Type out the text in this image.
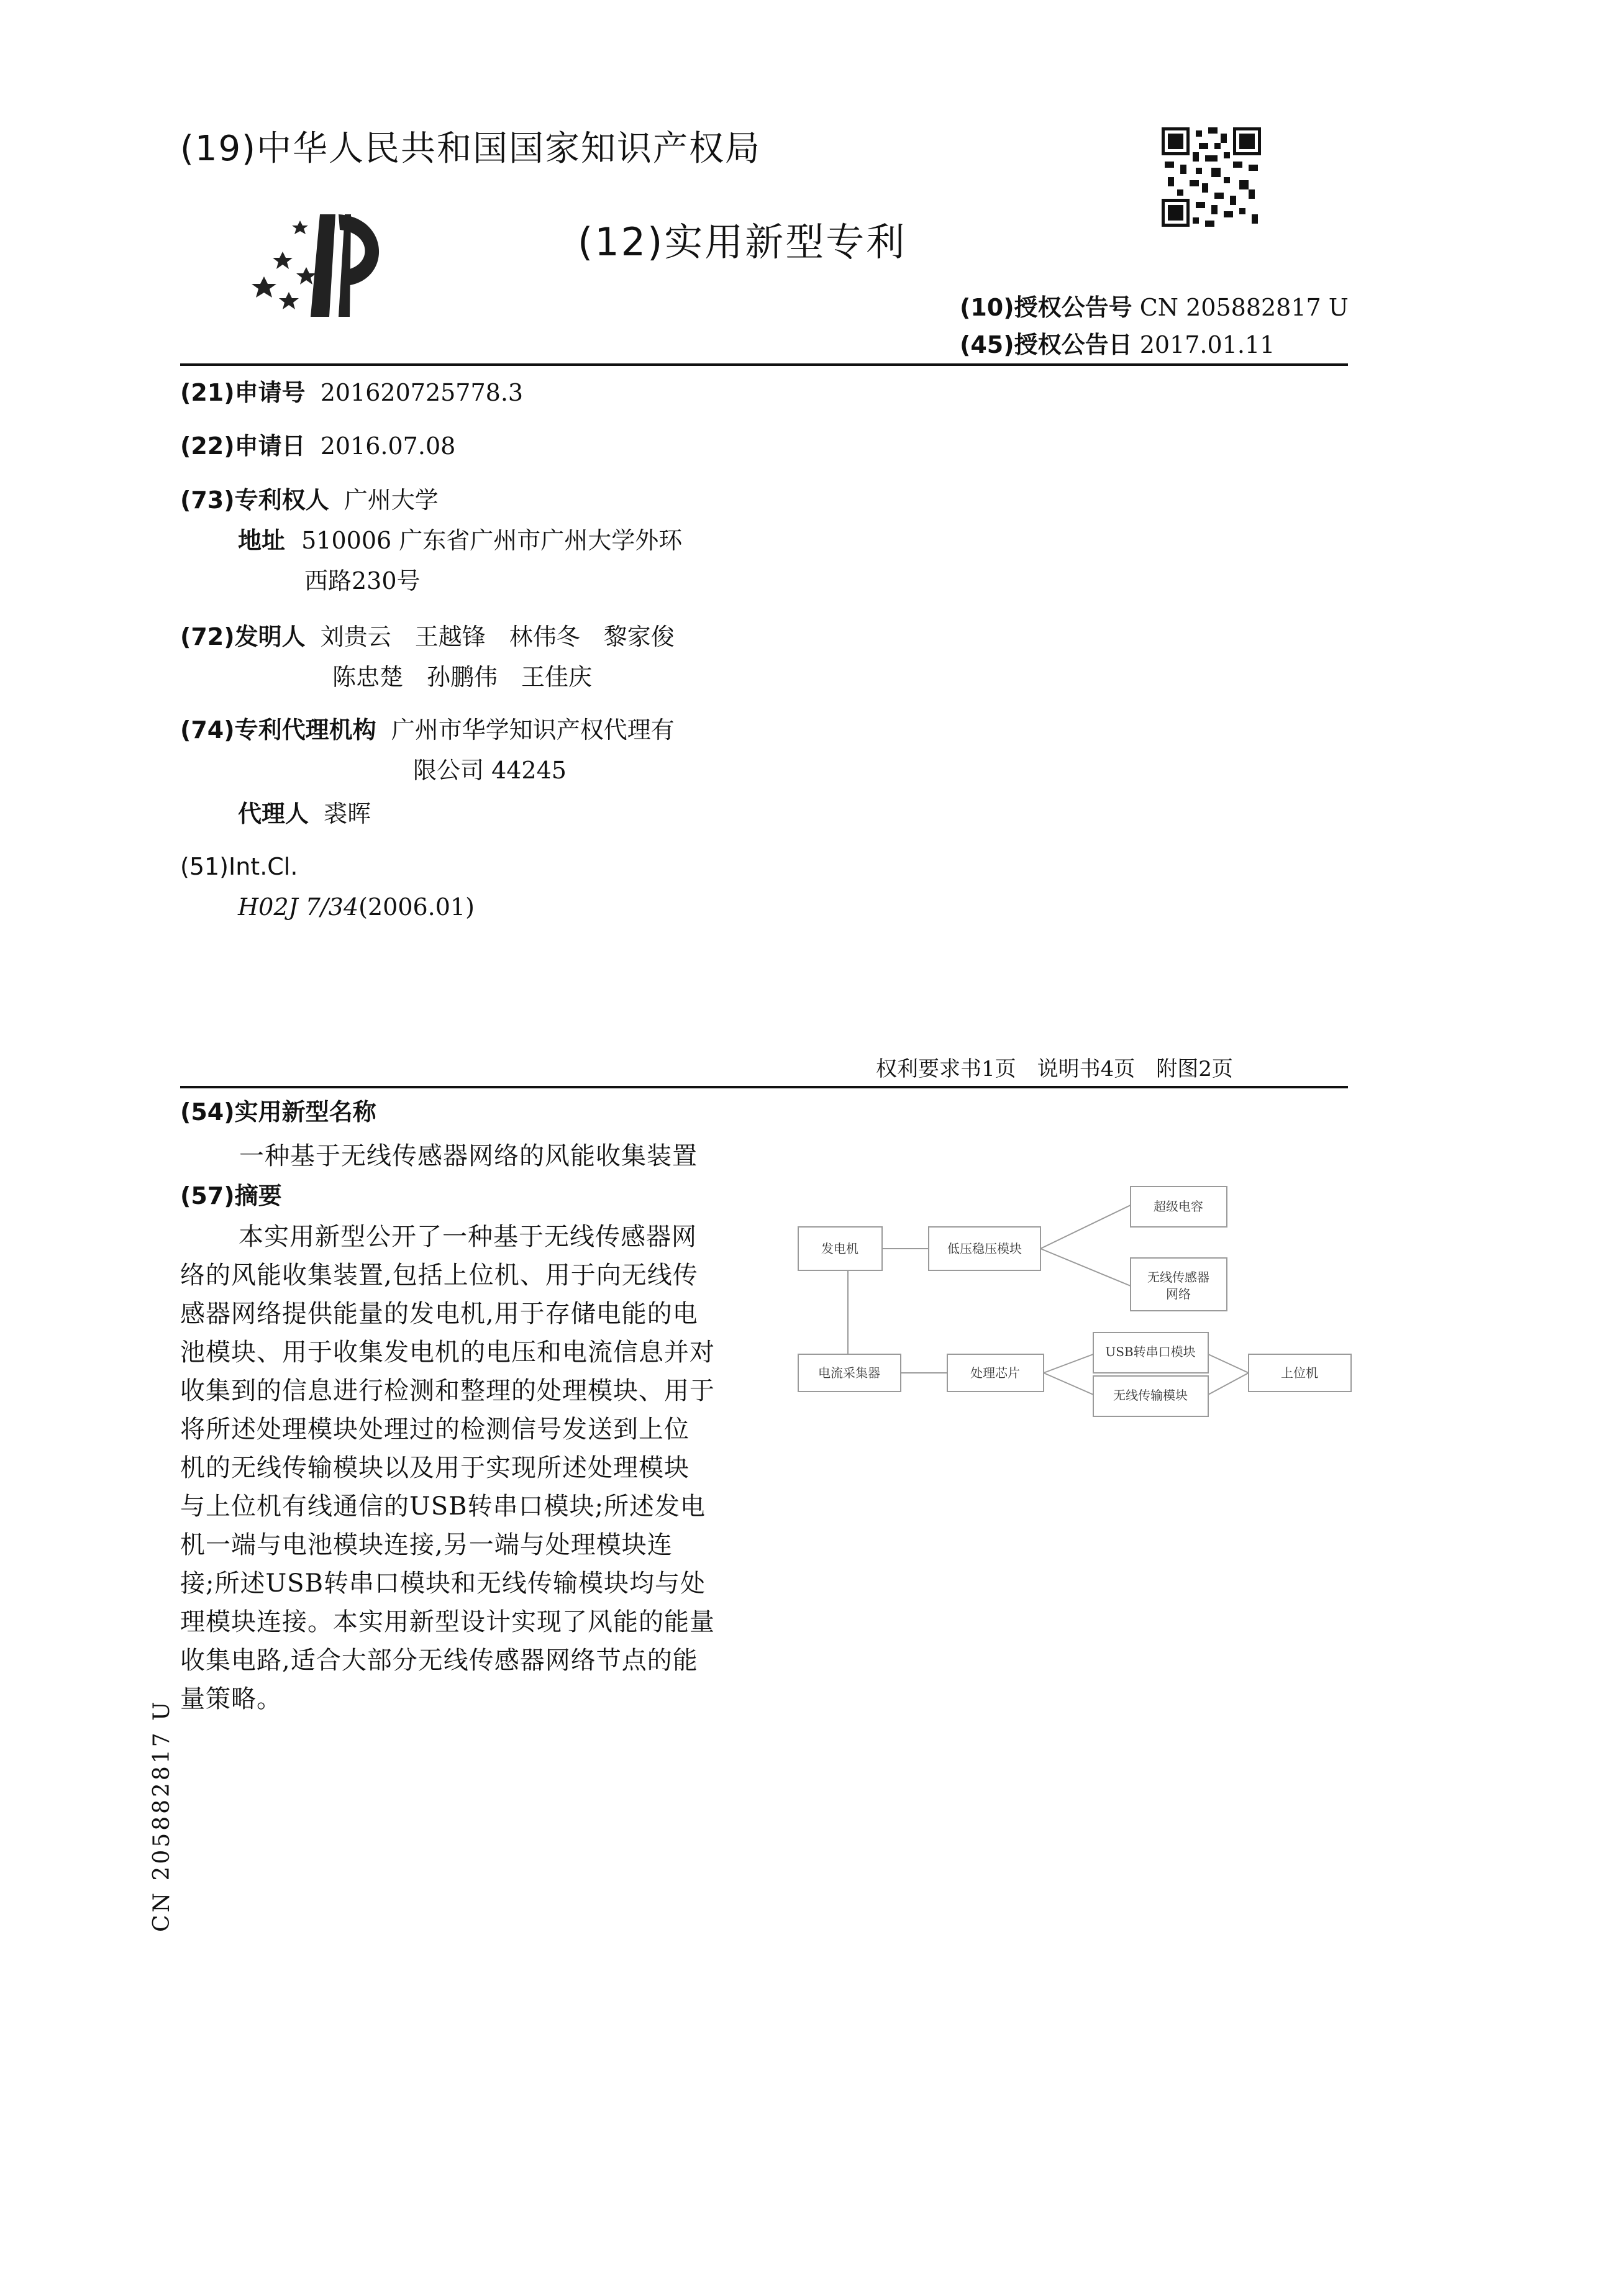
(19)中华人民共和国国家知识产权局
(12)实用新型专利
(10)授权公告号 CN 205882817 U
(45)授权公告日 2017.01.11
(21)申请号 201620725778.3
(22)申请日 2016.07.08
(73)专利权人 广州大学
地址 510006 广东省广州市广州大学外环
西路230号
(72)发明人 刘贵云　王越锋　林伟冬　黎家俊
陈忠楚　孙鹏伟　王佳庆
(74)专利代理机构 广州市华学知识产权代理有
限公司 44245
代理人 裘晖
(51)Int.Cl.
H02J 7/34(2006.01)
权利要求书1页　说明书4页　附图2页
(54)实用新型名称
一种基于无线传感器网络的风能收集装置
(57)摘要
本实用新型公开了一种基于无线传感器网
络的风能收集装置,包括上位机、用于向无线传
感器网络提供能量的发电机,用于存储电能的电
池模块、用于收集发电机的电压和电流信息并对
收集到的信息进行检测和整理的处理模块、用于
将所述处理模块处理过的检测信号发送到上位
机的无线传输模块以及用于实现所述处理模块
与上位机有线通信的USB转串口模块;所述发电
机一端与电池模块连接,另一端与处理模块连
接;所述USB转串口模块和无线传输模块均与处
理模块连接。本实用新型设计实现了风能的能量
收集电路,适合大部分无线传感器网络节点的能
量策略。
发电机	低压稳压模块
超级电容
无线传感器
网络
电流采集器	处理芯片
USB转串口模块
无线传输模块
上位机
CN 205882817 U
